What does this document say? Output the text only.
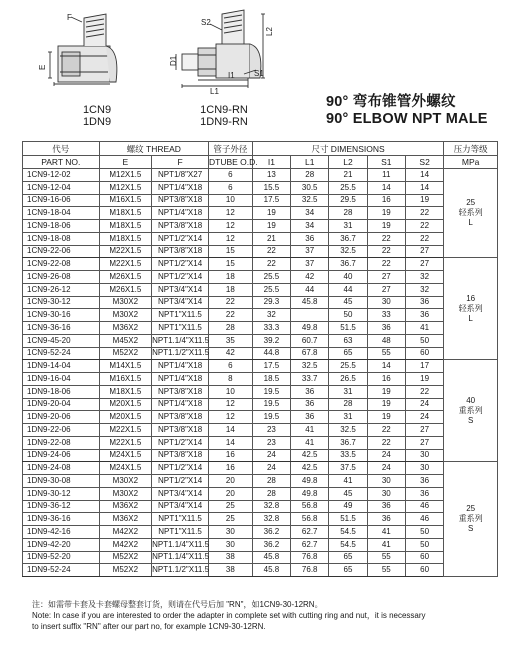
F
E
S2
L2
D1
S1
I1
L1
1CN9
1DN9
1CN9-RN
1DN9-RN
90° 弯布锥管外螺纹
90° ELBOW NPT MALE
代号	螺纹 THREAD		管子外径	尺寸 DIMENSIONS					压力等级
PART NO.	E	F	DTUBE O.D.	I1	L1	L2	S1	S2	MPa
1CN9-12-02	M12X1.5	NPT1/8"X27	6	13	28	21	11	14	25
轻系列
L

1CN9-12-04	M12X1.5	NPT1/4"X18	6	15.5	30.5	25.5	14	14	
1CN9-16-06	M16X1.5	NPT3/8"X18	10	17.5	32.5	29.5	16	19	
1CN9-18-04	M18X1.5	NPT1/4"X18	12	19	34	28	19	22	
1CN9-18-06	M18X1.5	NPT3/8"X18	12	19	34	31	19	22	
1CN9-18-08	M18X1.5	NPT1/2"X14	12	21	36	36.7	22	22	
1CN9-22-06	M22X1.5	NPT3/8"X18	15	22	37	32.5	22	27	
1CN9-22-08	M22X1.5	NPT1/2"X14	15	22	37	36.7	22	27	16
轻系列
L

1CN9-26-08	M26X1.5	NPT1/2"X14	18	25.5	42	40	27	32	
1CN9-26-12	M26X1.5	NPT3/4"X14	18	25.5	44	44	27	32	
1CN9-30-12	M30X2	NPT3/4"X14	22	29.3	45.8	45	30	36	
1CN9-30-16	M30X2	NPT1"X11.5	22	32		50	33	36	
1CN9-36-16	M36X2	NPT1"X11.5	28	33.3	49.8	51.5	36	41	
1CN9-45-20	M45X2	NPT1.1/4"X11.5	35	39.2	60.7	63	48	50	
1CN9-52-24	M52X2	NPT1.1/2"X11.5	42	44.8	67.8	65	55	60	
1DN9-14-04	M14X1.5	NPT1/4"X18	6	17.5	32.5	25.5	14	17	40
重系列
S

1DN9-16-04	M16X1.5	NPT1/4"X18	8	18.5	33.7	26.5	16	19	
1DN9-18-06	M18X1.5	NPT3/8"X18	10	19.5	36	31	19	22	
1DN9-20-04	M20X1.5	NPT1/4"X18	12	19.5	36	28	19	24	
1DN9-20-06	M20X1.5	NPT3/8"X18	12	19.5	36	31	19	24	
1DN9-22-06	M22X1.5	NPT3/8"X18	14	23	41	32.5	22	27	
1DN9-22-08	M22X1.5	NPT1/2"X14	14	23	41	36.7	22	27	
1DN9-24-06	M24X1.5	NPT3/8"X18	16	24	42.5	33.5	24	30	
1DN9-24-08	M24X1.5	NPT1/2"X14	16	24	42.5	37.5	24	30	25
重系列
S

1DN9-30-08	M30X2	NPT1/2"X14	20	28	49.8	41	30	36	
1DN9-30-12	M30X2	NPT3/4"X14	20	28	49.8	45	30	36	
1DN9-36-12	M36X2	NPT3/4"X14	25	32.8	56.8	49	36	46	
1DN9-36-16	M36X2	NPT1"X11.5	25	32.8	56.8	51.5	36	46	
1DN9-42-16	M42X2	NPT1"X11.5	30	36.2	62.7	54.5	41	50	
1DN9-42-20	M42X2	NPT1.1/4"X11.5	30	36.2	62.7	54.5	41	50	
1DN9-52-20	M52X2	NPT1.1/4"X11.5	38	45.8	76.8	65	55	60	
1DN9-52-24	M52X2	NPT1.1/2"X11.5	38	45.8	76.8	65	55	60	
注：如需带卡套及卡套螺母整套订货，则请在代号后加 "RN"，如1CN9-30-12RN。
Note: In case if you are interested to order the adapter in complete set with cutting ring and nut，it is necessary
to insert suffix "RN" after our part no, for example 1CN9-30-12RN.
